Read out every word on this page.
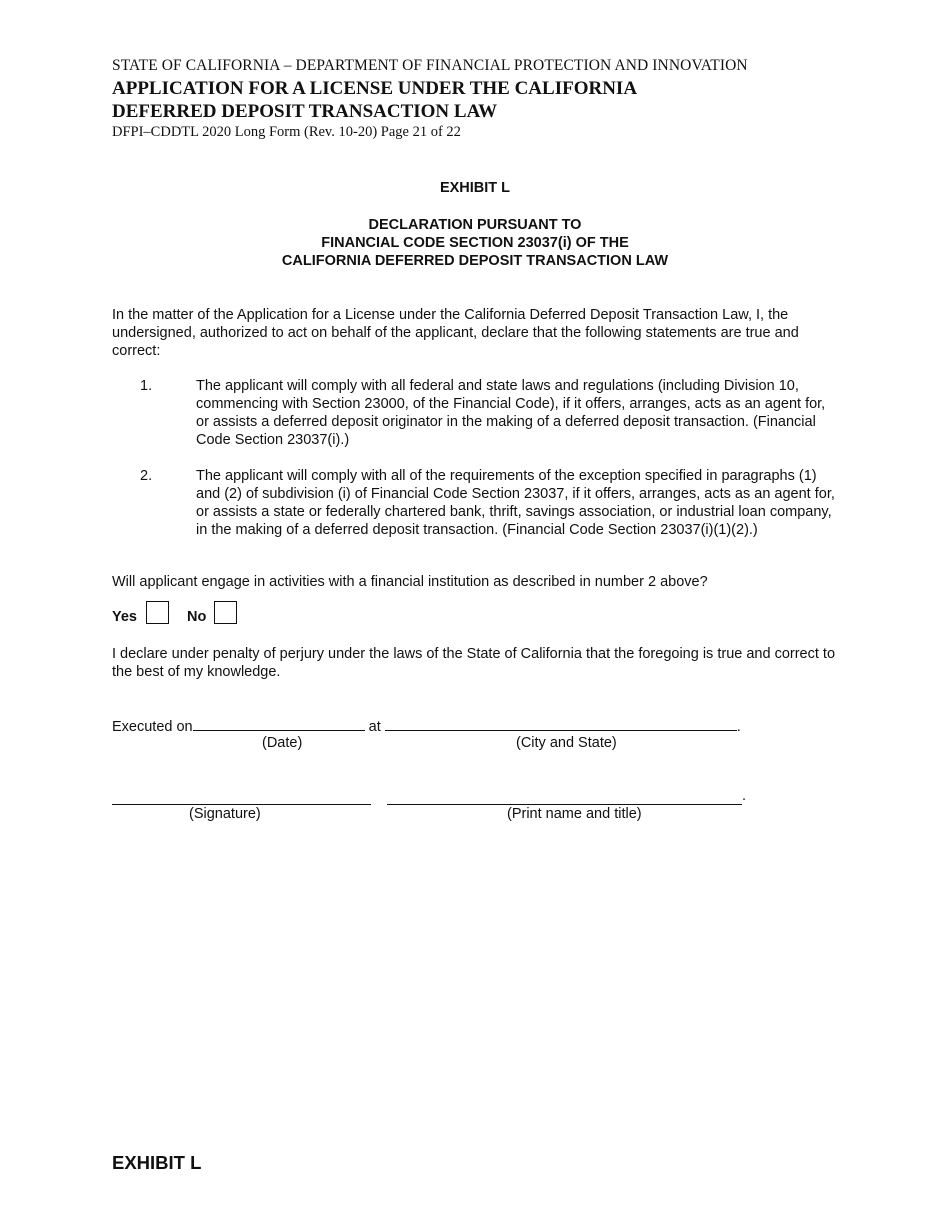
STATE OF CALIFORNIA – DEPARTMENT OF FINANCIAL PROTECTION AND INNOVATION
APPLICATION FOR A LICENSE UNDER THE CALIFORNIA
DEFERRED DEPOSIT TRANSACTION LAW
DFPI–CDDTL 2020 Long Form (Rev. 10-20) Page 21 of 22
EXHIBIT L
DECLARATION PURSUANT TO
FINANCIAL CODE SECTION 23037(i) OF THE
CALIFORNIA DEFERRED DEPOSIT TRANSACTION LAW
In the matter of the Application for a License under the California Deferred Deposit Transaction Law, I, the undersigned, authorized to act on behalf of the applicant, declare that the following statements are true and correct:
1.	The applicant will comply with all federal and state laws and regulations (including Division 10, commencing with Section 23000, of the Financial Code), if it offers, arranges, acts as an agent for, or assists a deferred deposit originator in the making of a deferred deposit transaction. (Financial Code Section 23037(i).)
2.	The applicant will comply with all of the requirements of the exception specified in paragraphs (1) and (2) of subdivision (i) of Financial Code Section 23037, if it offers, arranges, acts as an agent for, or assists a state or federally chartered bank, thrift, savings association, or industrial loan company, in the making of a deferred deposit transaction. (Financial Code Section 23037(i)(1)(2).)
Will applicant engage in activities with a financial institution as described in number 2 above?
Yes	No
I declare under penalty of perjury under the laws of the State of California that the foregoing is true and correct to the best of my knowledge.
Executed on	at	.
(Date)	(City and State)
.
(Signature)	(Print name and title)
EXHIBIT L
